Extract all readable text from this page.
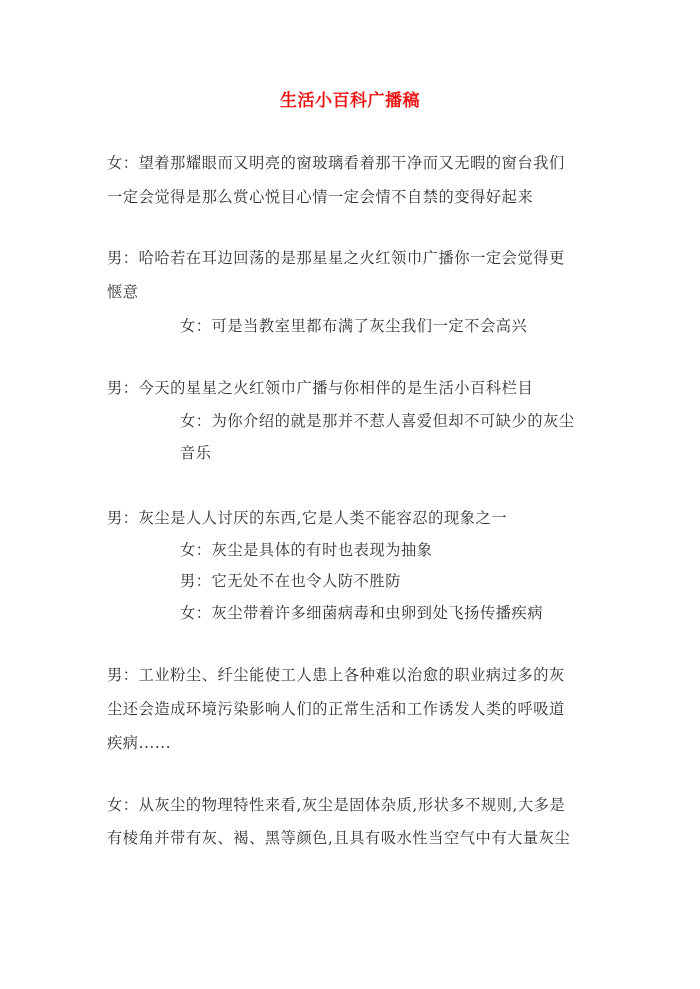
生活小百科广播稿
女：望着那耀眼而又明亮的窗玻璃看着那干净而又无暇的窗台我们
一定会觉得是那么赏心悦目心情一定会情不自禁的变得好起来
男：哈哈若在耳边回荡的是那星星之火红领巾广播你一定会觉得更
惬意
女：可是当教室里都布满了灰尘我们一定不会高兴
男：今天的星星之火红领巾广播与你相伴的是生活小百科栏目
女：为你介绍的就是那并不惹人喜爱但却不可缺少的灰尘
音乐
男：灰尘是人人讨厌的东西,它是人类不能容忍的现象之一
女：灰尘是具体的有时也表现为抽象
男：它无处不在也令人防不胜防
女：灰尘带着许多细菌病毒和虫卵到处飞扬传播疾病
男：工业粉尘、纤尘能使工人患上各种难以治愈的职业病过多的灰
尘还会造成环境污染影响人们的正常生活和工作诱发人类的呼吸道
疾病......
女：从灰尘的物理特性来看,灰尘是固体杂质,形状多不规则,大多是
有棱角并带有灰、褐、黑等颜色,且具有吸水性当空气中有大量灰尘
